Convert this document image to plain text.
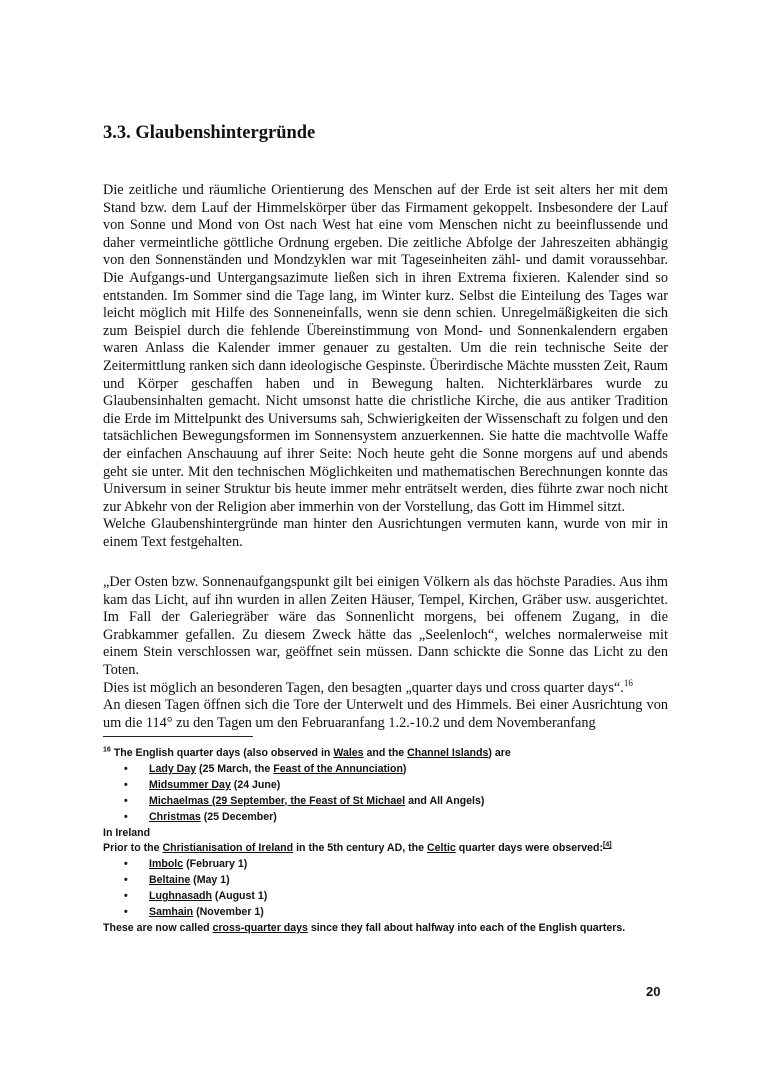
3.3. Glaubenshintergründe

Die zeitliche und räumliche Orientierung des Menschen auf der Erde ist seit alters her mit dem Stand bzw. dem Lauf der Himmelskörper über das Firmament gekoppelt. Insbesondere der Lauf von Sonne und Mond von Ost nach West hat eine vom Menschen nicht zu beeinflussende und daher vermeintliche göttliche Ordnung ergeben. Die zeitliche Abfolge der Jahreszeiten abhängig von den Sonnenständen und Mondzyklen war mit Tageseinheiten zähl- und damit voraussehbar. Die Aufgangs-und Untergangsazimute ließen sich in ihren Extrema fixieren. Kalender sind so entstanden. Im Sommer sind die Tage lang, im Winter kurz. Selbst die Einteilung des Tages war leicht möglich mit Hilfe des Sonneneinfalls, wenn sie denn schien. Unregelmäßigkeiten die sich zum Beispiel durch die fehlende Übereinstimmung von Mond- und Sonnenkalendern ergaben waren Anlass die Kalender immer genauer zu gestalten. Um die rein technische Seite der Zeitermittlung ranken sich dann ideologische Gespinste. Überirdische Mächte mussten Zeit, Raum und Körper geschaffen haben und in Bewegung halten. Nichterklärbares wurde zu Glaubensinhalten gemacht. Nicht umsonst hatte die christliche Kirche, die aus antiker Tradition die Erde im Mittelpunkt des Universums sah, Schwierigkeiten der Wissenschaft zu folgen und den tatsächlichen Bewegungsformen im Sonnensystem anzuerkennen. Sie hatte die machtvolle Waffe der einfachen Anschauung auf ihrer Seite: Noch heute geht die Sonne morgens auf und abends geht sie unter. Mit den technischen Möglichkeiten und mathematischen Berechnungen konnte das Universum in seiner Struktur bis heute immer mehr enträtselt werden, dies führte zwar noch nicht zur Abkehr von der Religion aber immerhin von der Vorstellung, das Gott im Himmel sitzt.
Welche Glaubenshintergründe man hinter den Ausrichtungen vermuten kann, wurde von mir in einem Text festgehalten.

„Der Osten bzw. Sonnenaufgangspunkt gilt bei einigen Völkern als das höchste Paradies. Aus ihm kam das Licht, auf ihn wurden in allen Zeiten Häuser, Tempel, Kirchen, Gräber usw. ausgerichtet. Im Fall der Galeriegräber wäre das Sonnenlicht morgens, bei offenem Zugang, in die Grabkammer gefallen. Zu diesem Zweck hätte das „Seelenloch“, welches normalerweise mit einem Stein verschlossen war, geöffnet sein müssen. Dann schickte die Sonne das Licht zu den Toten.
Dies ist möglich an besonderen Tagen, den besagten „quarter days und cross quarter days“.$^{16}$
An diesen Tagen öffnen sich die Tore der Unterwelt und des Himmels. Bei einer Ausrichtung von um die 114° zu den Tagen um den Februaranfang 1.2.-10.2 und dem Novemberanfang

$^{16}$ The English quarter days (also observed in Wales and the Channel Islands) are
• Lady Day (25 March, the Feast of the Annunciation)
• Midsummer Day (24 June)
• Michaelmas (29 September, the Feast of St Michael and All Angels)
• Christmas (25 December)
In Ireland
Prior to the Christianisation of Ireland in the 5th century AD, the Celtic quarter days were observed:[4]
• Imbolc (February 1)
• Beltaine (May 1)
• Lughnasadh (August 1)
• Samhain (November 1)
These are now called cross-quarter days since they fall about halfway into each of the English quarters.
20
